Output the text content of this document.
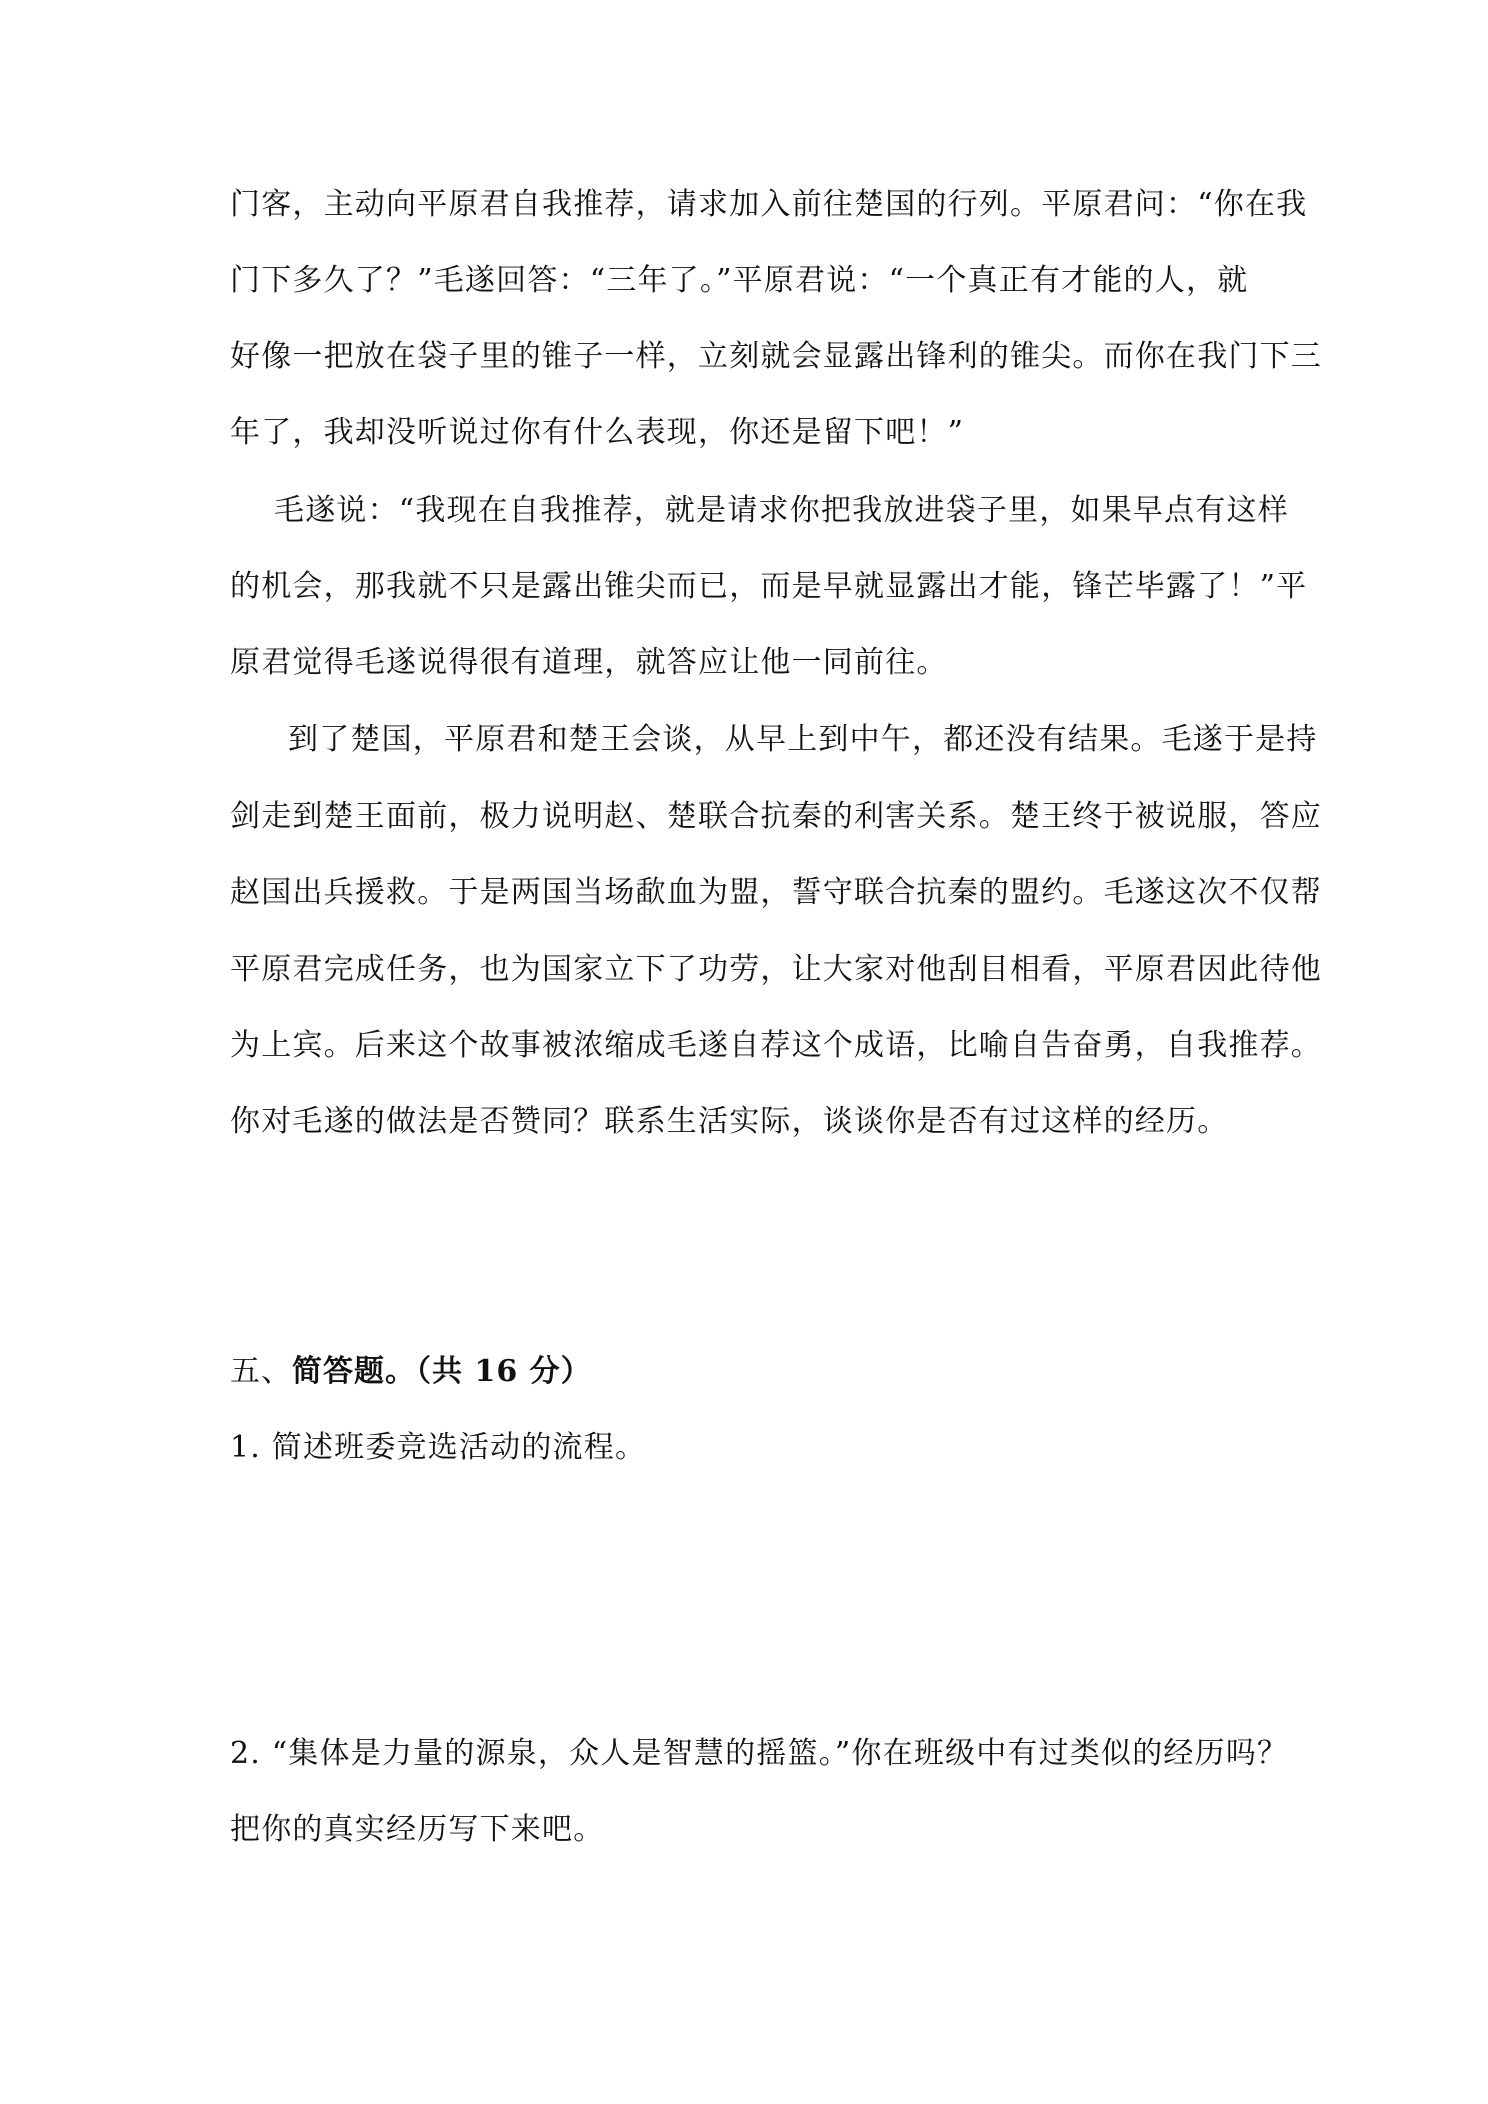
门客，主动向平原君自我推荐，请求加入前往楚国的行列。平原君问：“你在我
门下多久了？”毛遂回答：“三年了。”平原君说：“一个真正有才能的人，就
好像一把放在袋子里的锥子一样，立刻就会显露出锋利的锥尖。而你在我门下三
年了，我却没听说过你有什么表现，你还是留下吧！”
毛遂说：“我现在自我推荐，就是请求你把我放进袋子里，如果早点有这样
的机会，那我就不只是露出锥尖而已，而是早就显露出才能，锋芒毕露了！”平
原君觉得毛遂说得很有道理，就答应让他一同前往。
到了楚国，平原君和楚王会谈，从早上到中午，都还没有结果。毛遂于是持
剑走到楚王面前，极力说明赵、楚联合抗秦的利害关系。楚王终于被说服，答应
赵国出兵援救。于是两国当场歃血为盟，誓守联合抗秦的盟约。毛遂这次不仅帮
平原君完成任务，也为国家立下了功劳，让大家对他刮目相看，平原君因此待他
为上宾。后来这个故事被浓缩成毛遂自荐这个成语，比喻自告奋勇，自我推荐。
你对毛遂的做法是否赞同？联系生活实际，谈谈你是否有过这样的经历。
五、简答题。（共 16 分）
1. 简述班委竞选活动的流程。
2. “集体是力量的源泉，众人是智慧的摇篮。”你在班级中有过类似的经历吗？
把你的真实经历写下来吧。
